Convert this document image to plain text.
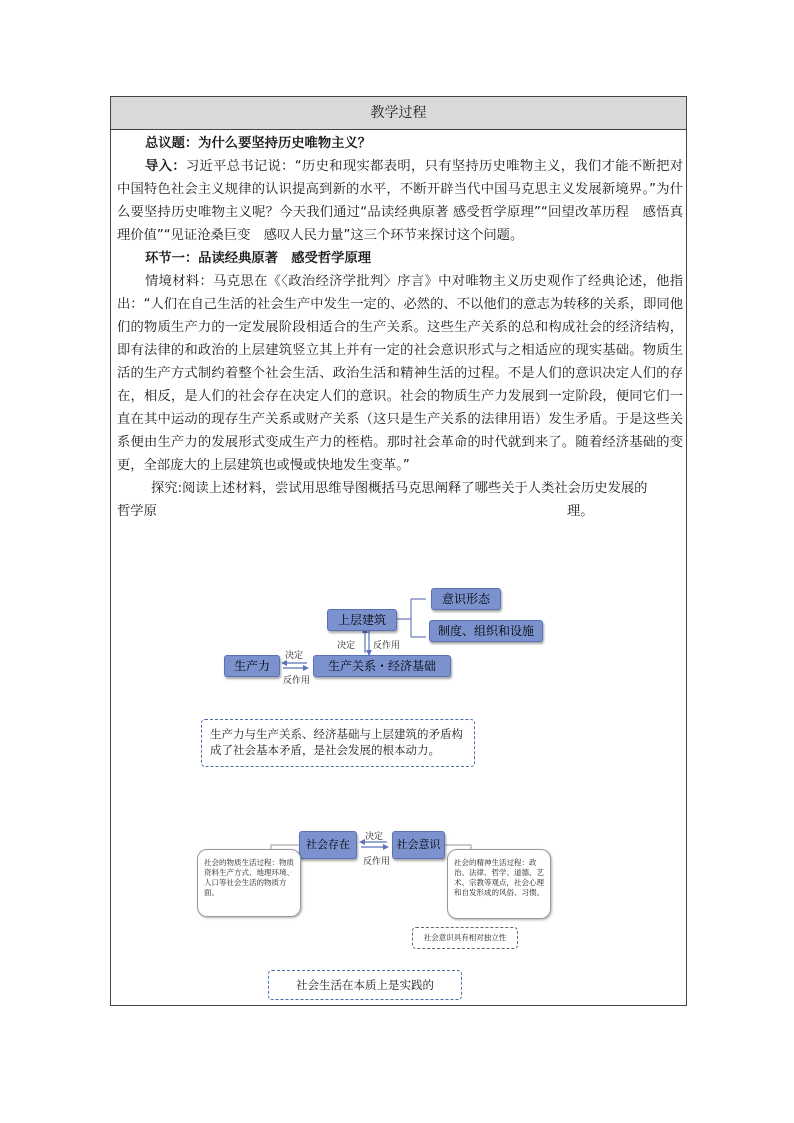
教学过程

总议题：为什么要坚持历史唯物主义？

导入：习近平总书记说：“历史和现实都表明，只有坚持历史唯物主义，我们才能不断把对中国特色社会主义规律的认识提高到新的水平，不断开辟当代中国马克思主义发展新境界。”为什么要坚持历史唯物主义呢？今天我们通过“品读经典原著 感受哲学原理”“回望改革历程　感悟真理价值”“见证沧桑巨变　感叹人民力量”这三个环节来探讨这个问题。

环节一：品读经典原著　感受哲学原理

情境材料：马克思在《〈政治经济学批判〉序言》中对唯物主义历史观作了经典论述，他指出：“人们在自己生活的社会生产中发生一定的、必然的、不以他们的意志为转移的关系，即同他们的物质生产力的一定发展阶段相适合的生产关系。这些生产关系的总和构成社会的经济结构，即有法律的和政治的上层建筑竖立其上并有一定的社会意识形式与之相适应的现实基础。物质生活的生产方式制约着整个社会生活、政治生活和精神生活的过程。不是人们的意识决定人们的存在，相反，是人们的社会存在决定人们的意识。社会的物质生产力发展到一定阶段，便同它们一直在其中运动的现存生产关系或财产关系（这只是生产关系的法律用语）发生矛盾。于是这些关系便由生产力的发展形式变成生产力的桎梏。那时社会革命的时代就到来了。随着经济基础的变更，全部庞大的上层建筑也或慢或快地发生变革。”

探究:阅读上述材料，尝试用思维导图概括马克思阐释了哪些关于人类社会历史发展的

哲学原	理。

上层建筑
意识形态
制度、组织和设施
决定 反作用
生产力
决定
反作用
生产关系・经济基础
生产力与生产关系、经济基础与上层建筑的矛盾构成了社会基本矛盾，是社会发展的根本动力。
社会存在
决定
反作用
社会意识
社会的物质生活过程：物质资料生产方式、地理环境、人口等社会生活的物质方面。
社会的精神生活过程：政治、法律、哲学、道德、艺术、宗教等观点，社会心理和自发形成的风俗、习惯。
社会意识具有相对独立性
社会生活在本质上是实践的
